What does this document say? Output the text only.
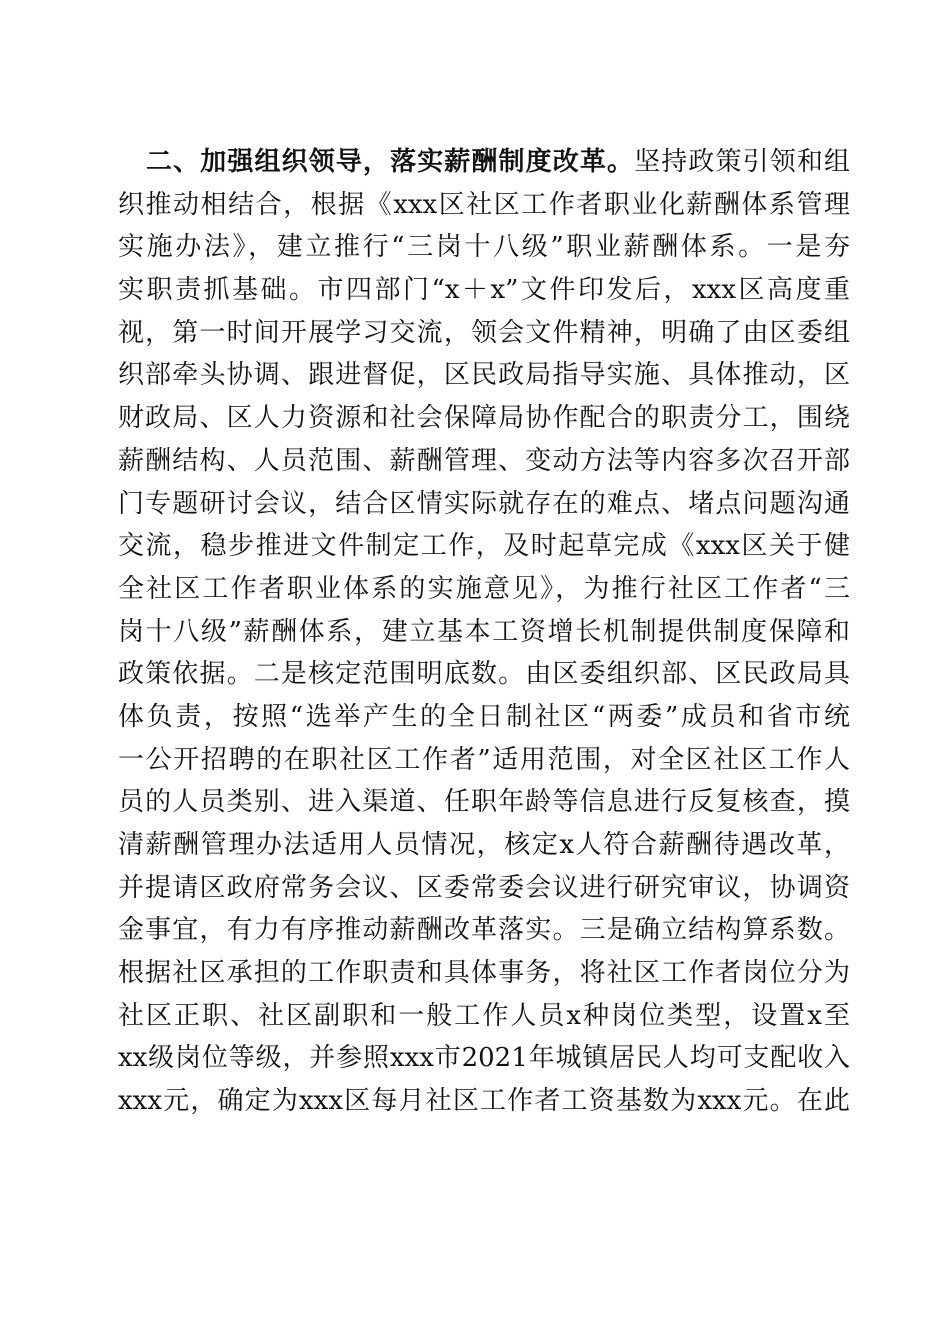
二、加强组织领导，落实薪酬制度改革。坚持政策引领和组
织推动相结合，根据《xxx区社区工作者职业化薪酬体系管理
实施办法》，建立推行“三岗十八级”职业薪酬体系。一是夯
实职责抓基础。市四部门“x＋x”文件印发后，xxx区高度重
视，第一时间开展学习交流，领会文件精神，明确了由区委组
织部牵头协调、跟进督促，区民政局指导实施、具体推动，区
财政局、区人力资源和社会保障局协作配合的职责分工，围绕
薪酬结构、人员范围、薪酬管理、变动方法等内容多次召开部
门专题研讨会议，结合区情实际就存在的难点、堵点问题沟通
交流，稳步推进文件制定工作，及时起草完成《xxx区关于健
全社区工作者职业体系的实施意见》，为推行社区工作者“三
岗十八级”薪酬体系，建立基本工资增长机制提供制度保障和
政策依据。二是核定范围明底数。由区委组织部、区民政局具
体负责，按照“选举产生的全日制社区“两委”成员和省市统
一公开招聘的在职社区工作者”适用范围，对全区社区工作人
员的人员类别、进入渠道、任职年龄等信息进行反复核查，摸
清薪酬管理办法适用人员情况，核定x人符合薪酬待遇改革，
并提请区政府常务会议、区委常委会议进行研究审议，协调资
金事宜，有力有序推动薪酬改革落实。三是确立结构算系数。
根据社区承担的工作职责和具体事务，将社区工作者岗位分为
社区正职、社区副职和一般工作人员x种岗位类型，设置x至
xx级岗位等级，并参照xxx市2021年城镇居民人均可支配收入
xxx元，确定为xxx区每月社区工作者工资基数为xxx元。在此
